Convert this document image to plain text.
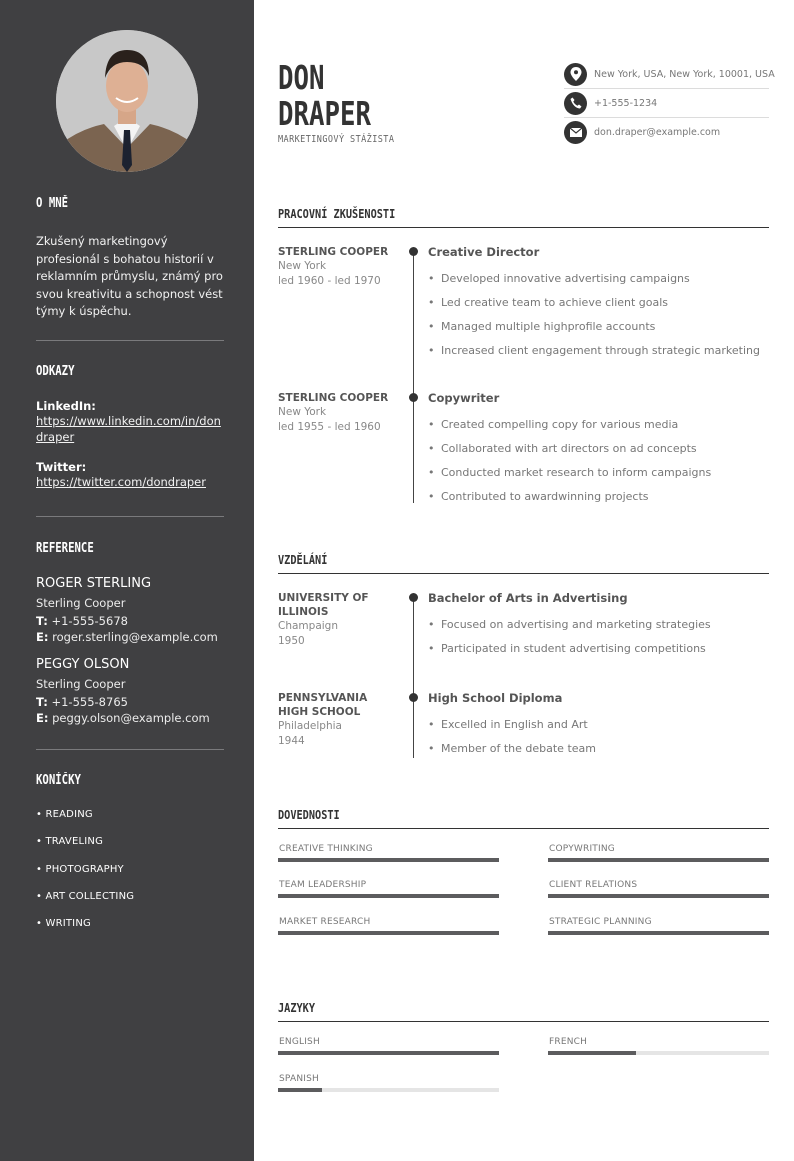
O MNĚ
Zkušený marketingový profesionál s bohatou historií v reklamním průmyslu, známý pro svou kreativitu a schopnost vést týmy k úspěchu.
ODKAZY
LinkedIn:
https://www.linkedin.com/in/dondraper
Twitter:
https://twitter.com/dondraper
REFERENCE
ROGER STERLING
Sterling Cooper
T: +1-555-5678
E: roger.sterling@example.com
PEGGY OLSON
Sterling Cooper
T: +1-555-8765
E: peggy.olson@example.com
KONÍČKY
• READING
• TRAVELING
• PHOTOGRAPHY
• ART COLLECTING
• WRITING
DON
DRAPER
MARKETINGOVÝ STÁŽISTA
New York, USA, New York, 10001, USA
+1-555-1234
don.draper@example.com
PRACOVNÍ ZKUŠENOSTI
STERLING COOPER
New York
led 1960 - led 1970
Creative Director
• Developed innovative advertising campaigns
• Led creative team to achieve client goals
• Managed multiple highprofile accounts
• Increased client engagement through strategic marketing
STERLING COOPER
New York
led 1955 - led 1960
Copywriter
• Created compelling copy for various media
• Collaborated with art directors on ad concepts
• Conducted market research to inform campaigns
• Contributed to awardwinning projects
VZDĚLÁNÍ
UNIVERSITY OF
ILLINOIS
Champaign
1950
Bachelor of Arts in Advertising
• Focused on advertising and marketing strategies
• Participated in student advertising competitions
PENNSYLVANIA
HIGH SCHOOL
Philadelphia
1944
High School Diploma
• Excelled in English and Art
• Member of the debate team
DOVEDNOSTI
CREATIVE THINKING	COPYWRITING
TEAM LEADERSHIP	CLIENT RELATIONS
MARKET RESEARCH	STRATEGIC PLANNING
JAZYKY
ENGLISH	FRENCH
SPANISH
